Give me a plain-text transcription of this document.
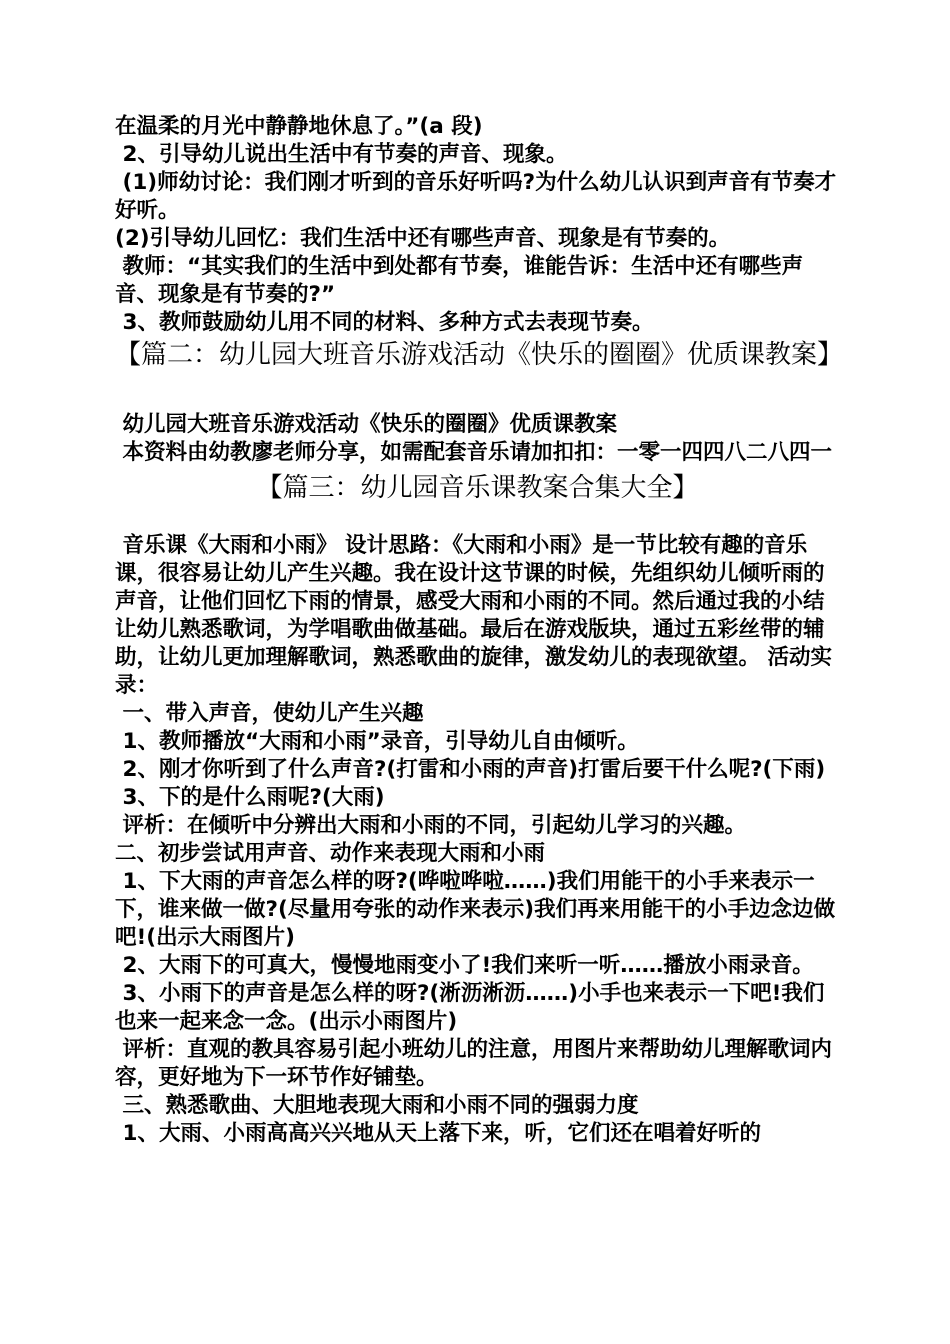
在温柔的月光中静静地休息了。”(a 段)

2、引导幼儿说出生活中有节奏的声音、现象。

(1)师幼讨论：我们刚才听到的音乐好听吗?为什么幼儿认识到声音有节奏才好听。

(2)引导幼儿回忆：我们生活中还有哪些声音、现象是有节奏的。

教师：“其实我们的生活中到处都有节奏，谁能告诉：生活中还有哪些声音、现象是有节奏的?”

3、教师鼓励幼儿用不同的材料、多种方式去表现节奏。

【篇二：幼儿园大班音乐游戏活动《快乐的圈圈》优质课教案】

幼儿园大班音乐游戏活动《快乐的圈圈》优质课教案

本资料由幼教廖老师分享，如需配套音乐请加扣扣：一零一四四八二八四一

【篇三：幼儿园音乐课教案合集大全】

音乐课《大雨和小雨》 设计思路：《大雨和小雨》是一节比较有趣的音乐课，很容易让幼儿产生兴趣。我在设计这节课的时候，先组织幼儿倾听雨的声音，让他们回忆下雨的情景，感受大雨和小雨的不同。然后通过我的小结让幼儿熟悉歌词，为学唱歌曲做基础。最后在游戏版块，通过五彩丝带的辅助，让幼儿更加理解歌词，熟悉歌曲的旋律，激发幼儿的表现欲望。 活动实录：

一、带入声音，使幼儿产生兴趣

1、教师播放“大雨和小雨”录音，引导幼儿自由倾听。

2、刚才你听到了什么声音?(打雷和小雨的声音)打雷后要干什么呢?(下雨)

3、下的是什么雨呢?(大雨)

评析：在倾听中分辨出大雨和小雨的不同，引起幼儿学习的兴趣。

二、初步尝试用声音、动作来表现大雨和小雨

1、下大雨的声音怎么样的呀?(哗啦哗啦……)我们用能干的小手来表示一下，谁来做一做?(尽量用夸张的动作来表示)我们再来用能干的小手边念边做吧!(出示大雨图片)

2、大雨下的可真大，慢慢地雨变小了!我们来听一听……播放小雨录音。

3、小雨下的声音是怎么样的呀?(淅沥淅沥……)小手也来表示一下吧!我们也来一起来念一念。(出示小雨图片)

评析：直观的教具容易引起小班幼儿的注意，用图片来帮助幼儿理解歌词内容，更好地为下一环节作好铺垫。

三、熟悉歌曲、大胆地表现大雨和小雨不同的强弱力度

1、大雨、小雨高高兴兴地从天上落下来，听，它们还在唱着好听的
